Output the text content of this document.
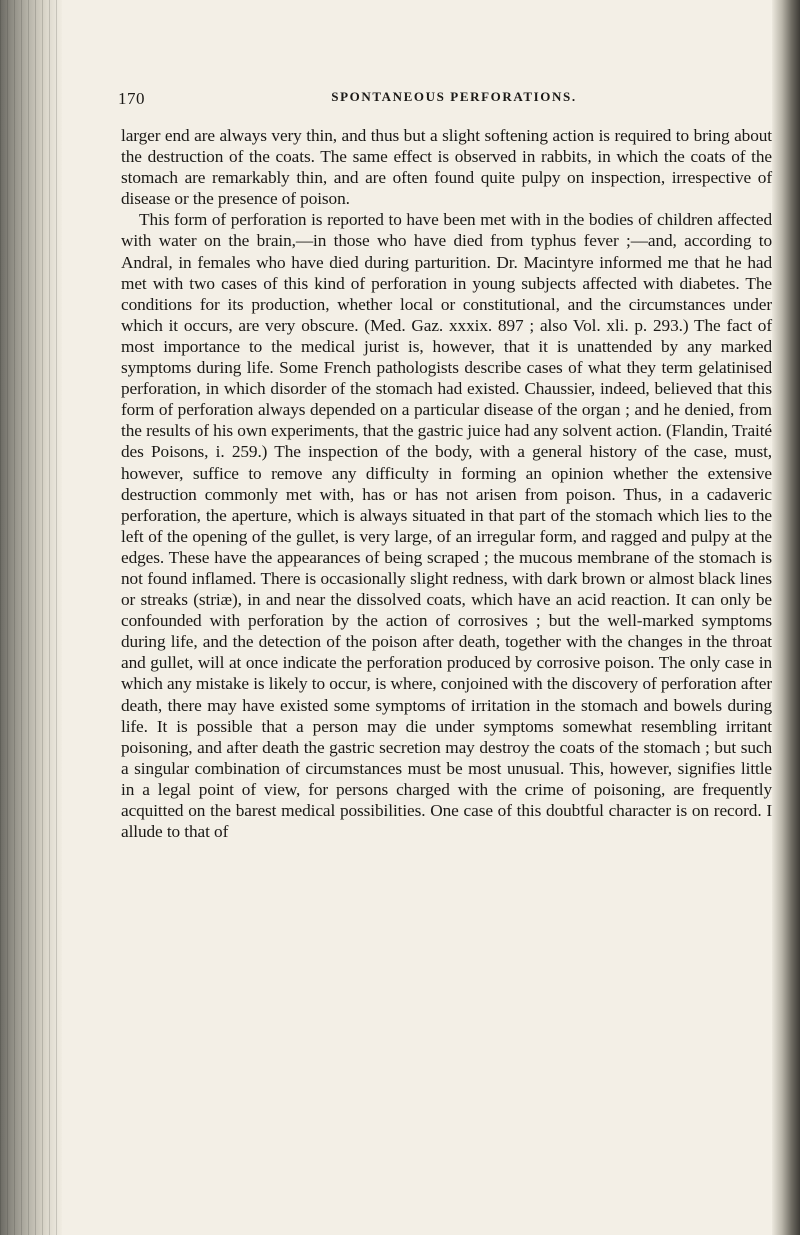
170	SPONTANEOUS PERFORATIONS.

larger end are always very thin, and thus but a slight softening action is required to bring about the destruction of the coats. The same effect is observed in rabbits, in which the coats of the stomach are remarkably thin, and are often found quite pulpy on inspection, irrespective of disease or the presence of poison.

This form of perforation is reported to have been met with in the bodies of children affected with water on the brain,—in those who have died from typhus fever ;—and, according to Andral, in females who have died during parturition. Dr. Macintyre informed me that he had met with two cases of this kind of perforation in young subjects affected with diabetes. The conditions for its production, whether local or constitutional, and the circumstances under which it occurs, are very obscure. (Med. Gaz. xxxix. 897 ; also Vol. xli. p. 293.) The fact of most importance to the medical jurist is, however, that it is unattended by any marked symptoms during life. Some French pathologists describe cases of what they term gelatinised perforation, in which disorder of the stomach had existed. Chaussier, indeed, believed that this form of perforation always depended on a particular disease of the organ ; and he denied, from the results of his own experiments, that the gastric juice had any solvent action. (Flandin, Traité des Poisons, i. 259.) The inspection of the body, with a general history of the case, must, however, suffice to remove any difficulty in forming an opinion whether the extensive destruction commonly met with, has or has not arisen from poison. Thus, in a cadaveric perforation, the aperture, which is always situated in that part of the stomach which lies to the left of the opening of the gullet, is very large, of an irregular form, and ragged and pulpy at the edges. These have the appearances of being scraped ; the mucous membrane of the stomach is not found inflamed. There is occasionally slight redness, with dark brown or almost black lines or streaks (striæ), in and near the dissolved coats, which have an acid reaction. It can only be confounded with perforation by the action of corrosives ; but the well-marked symptoms during life, and the detection of the poison after death, together with the changes in the throat and gullet, will at once indicate the perforation produced by corrosive poison. The only case in which any mistake is likely to occur, is where, conjoined with the discovery of perforation after death, there may have existed some symptoms of irritation in the stomach and bowels during life. It is possible that a person may die under symptoms somewhat resembling irritant poisoning, and after death the gastric secretion may destroy the coats of the stomach ; but such a singular combination of circumstances must be most unusual. This, however, signifies little in a legal point of view, for persons charged with the crime of poisoning, are frequently acquitted on the barest medical possibilities. One case of this doubtful character is on record. I allude to that of
